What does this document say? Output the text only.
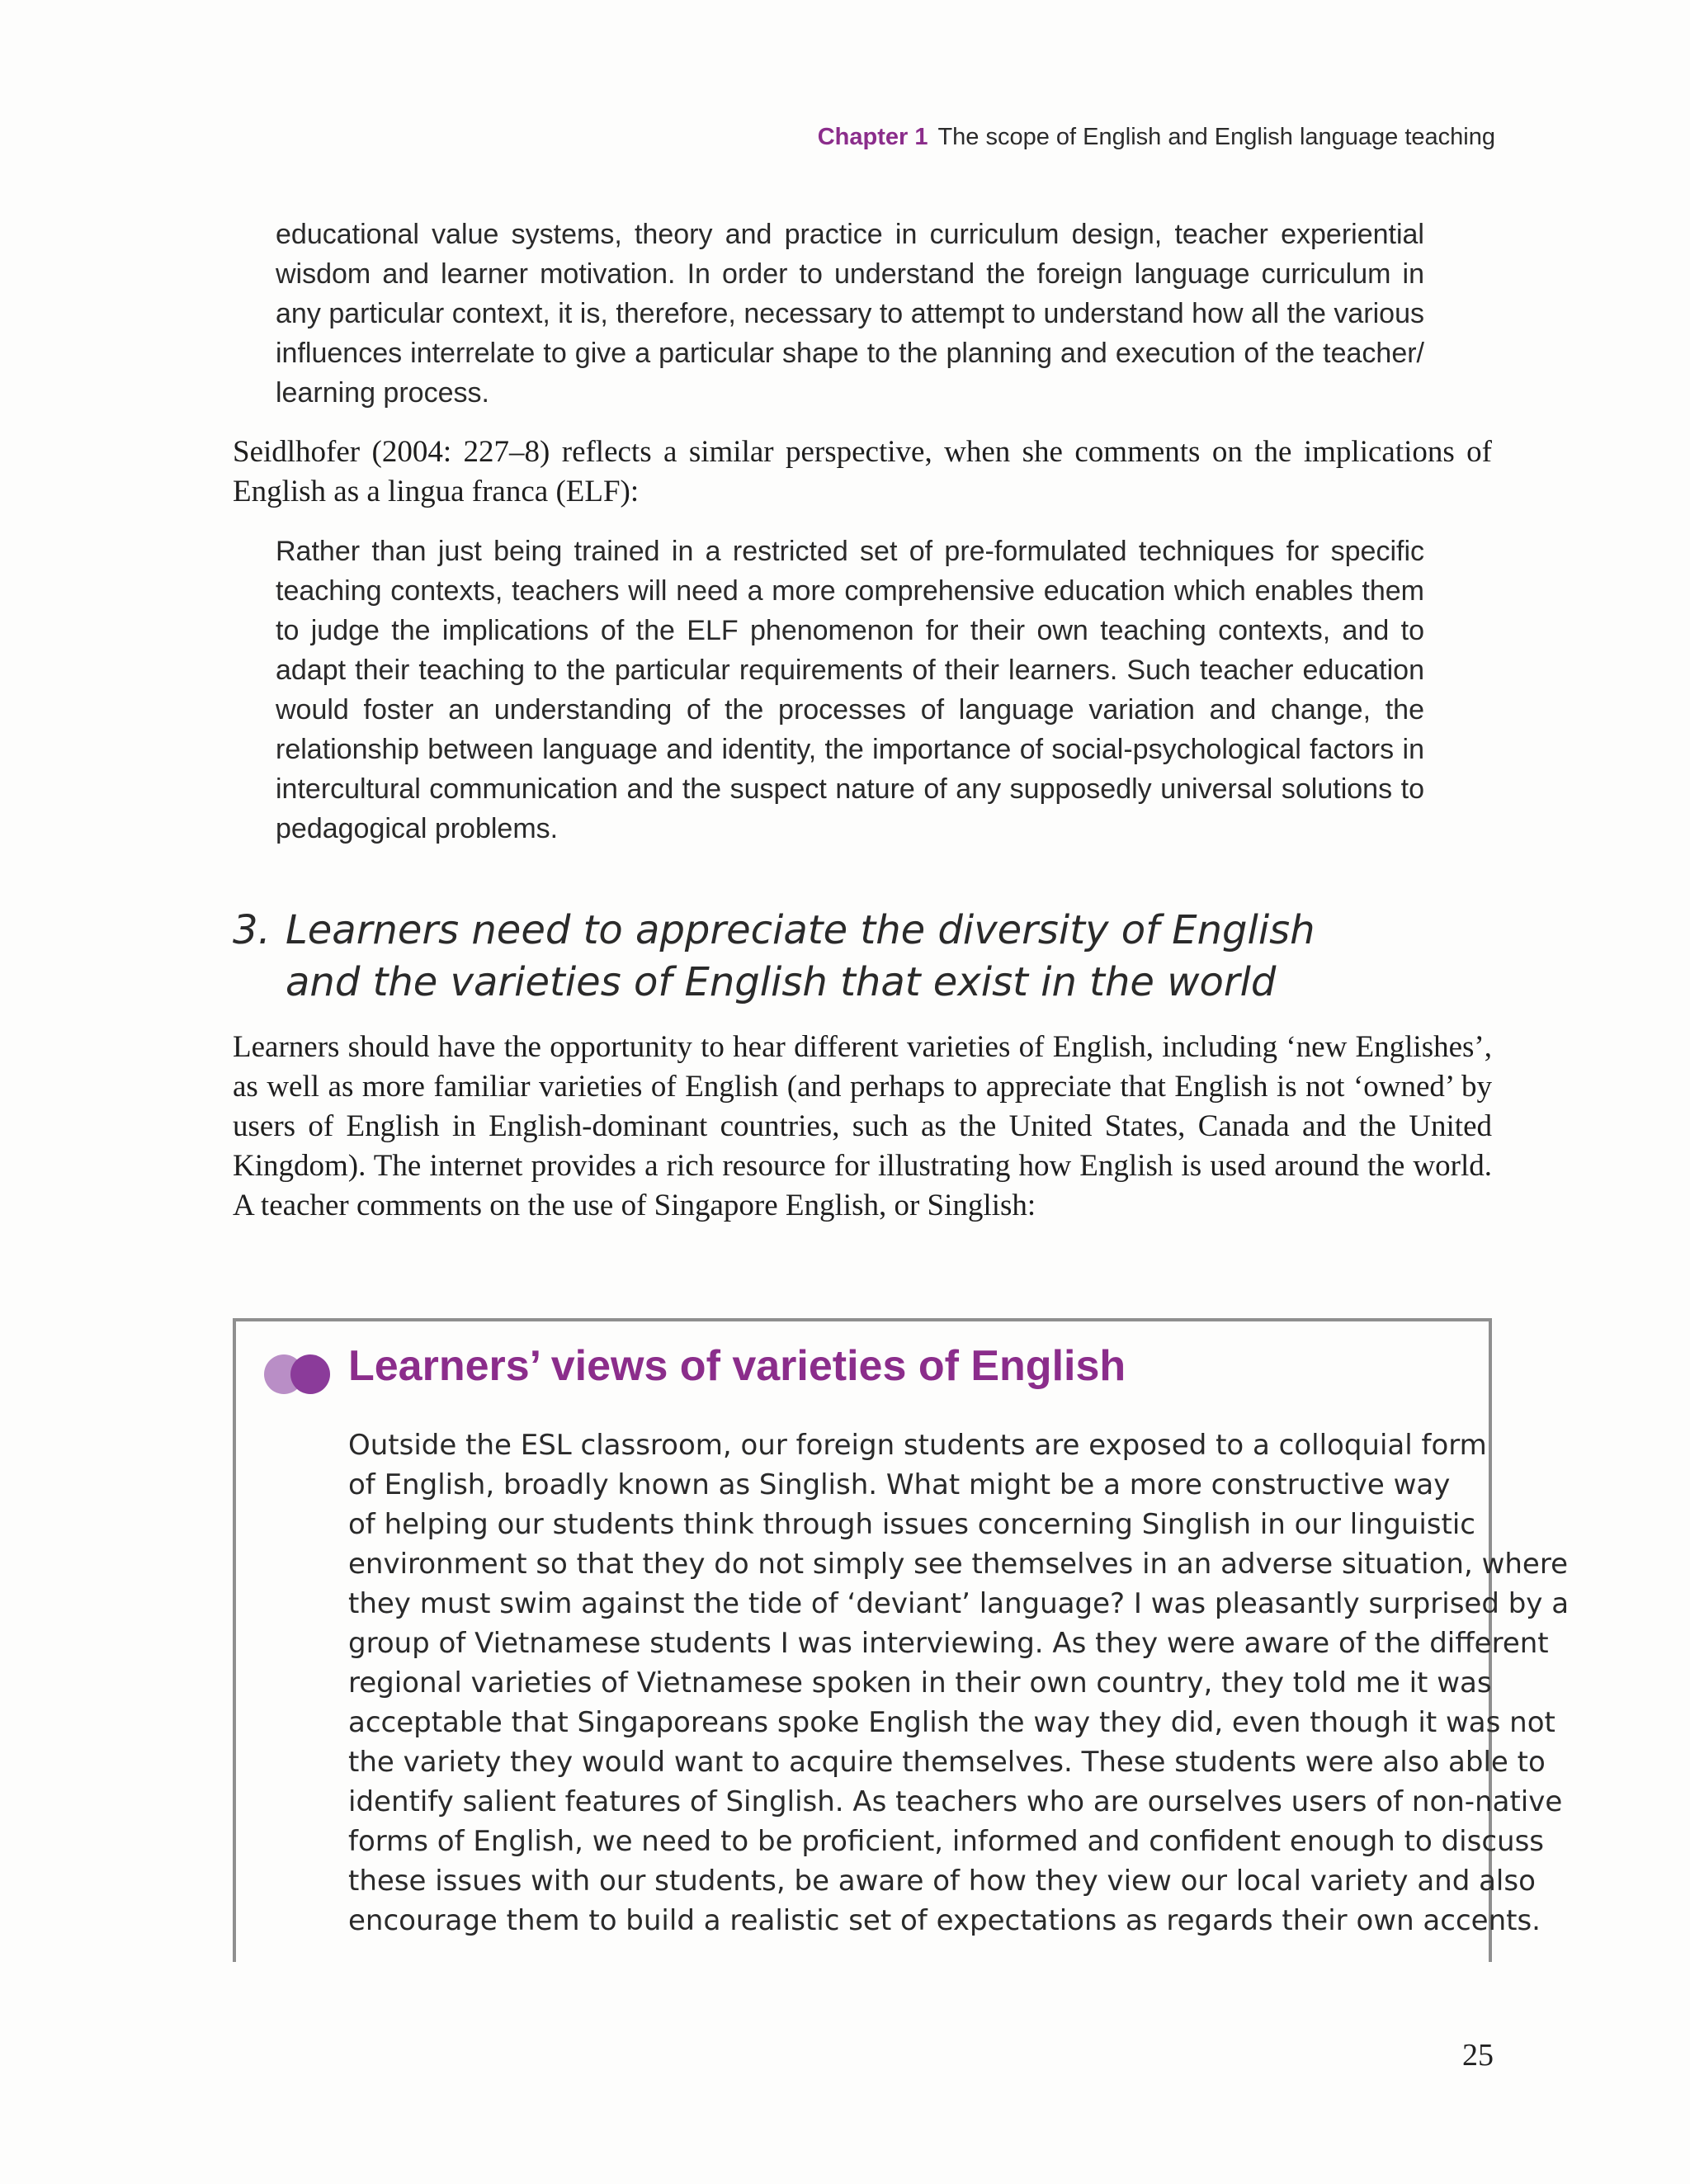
Chapter 1 The scope of English and English language teaching

educational value systems, theory and practice in curriculum design, teacher experiential wisdom and learner motivation. In order to understand the foreign language curriculum in any particular context, it is, therefore, necessary to attempt to understand how all the various influences interrelate to give a particular shape to the planning and execution of the teacher/ learning process.

Seidlhofer (2004: 227–8) reflects a similar perspective, when she comments on the implications of English as a lingua franca (ELF):

Rather than just being trained in a restricted set of pre-formulated techniques for specific teaching contexts, teachers will need a more comprehensive education which enables them to judge the implications of the ELF phenomenon for their own teaching contexts, and to adapt their teaching to the particular requirements of their learners. Such teacher education would foster an understanding of the processes of language variation and change, the relationship between language and identity, the importance of social-psychological factors in intercultural communication and the suspect nature of any supposedly universal solutions to pedagogical problems.

3. Learners need to appreciate the diversity of English
and the varieties of English that exist in the world

Learners should have the opportunity to hear different varieties of English, including ‘new Englishes’, as well as more familiar varieties of English (and perhaps to appreciate that English is not ‘owned’ by users of English in English-dominant countries, such as the United States, Canada and the United Kingdom). The internet provides a rich resource for illustrating how English is used around the world. A teacher comments on the use of Singapore English, or Singlish:

Learners’ views of varieties of English
Outside the ESL classroom, our foreign students are exposed to a colloquial form
of English, broadly known as Singlish. What might be a more constructive way
of helping our students think through issues concerning Singlish in our linguistic
environment so that they do not simply see themselves in an adverse situation, where
they must swim against the tide of ‘deviant’ language? I was pleasantly surprised by a
group of Vietnamese students I was interviewing. As they were aware of the different
regional varieties of Vietnamese spoken in their own country, they told me it was
acceptable that Singaporeans spoke English the way they did, even though it was not
the variety they would want to acquire themselves. These students were also able to
identify salient features of Singlish. As teachers who are ourselves users of non-native
forms of English, we need to be proficient, informed and confident enough to discuss
these issues with our students, be aware of how they view our local variety and also
encourage them to build a realistic set of expectations as regards their own accents.
25
